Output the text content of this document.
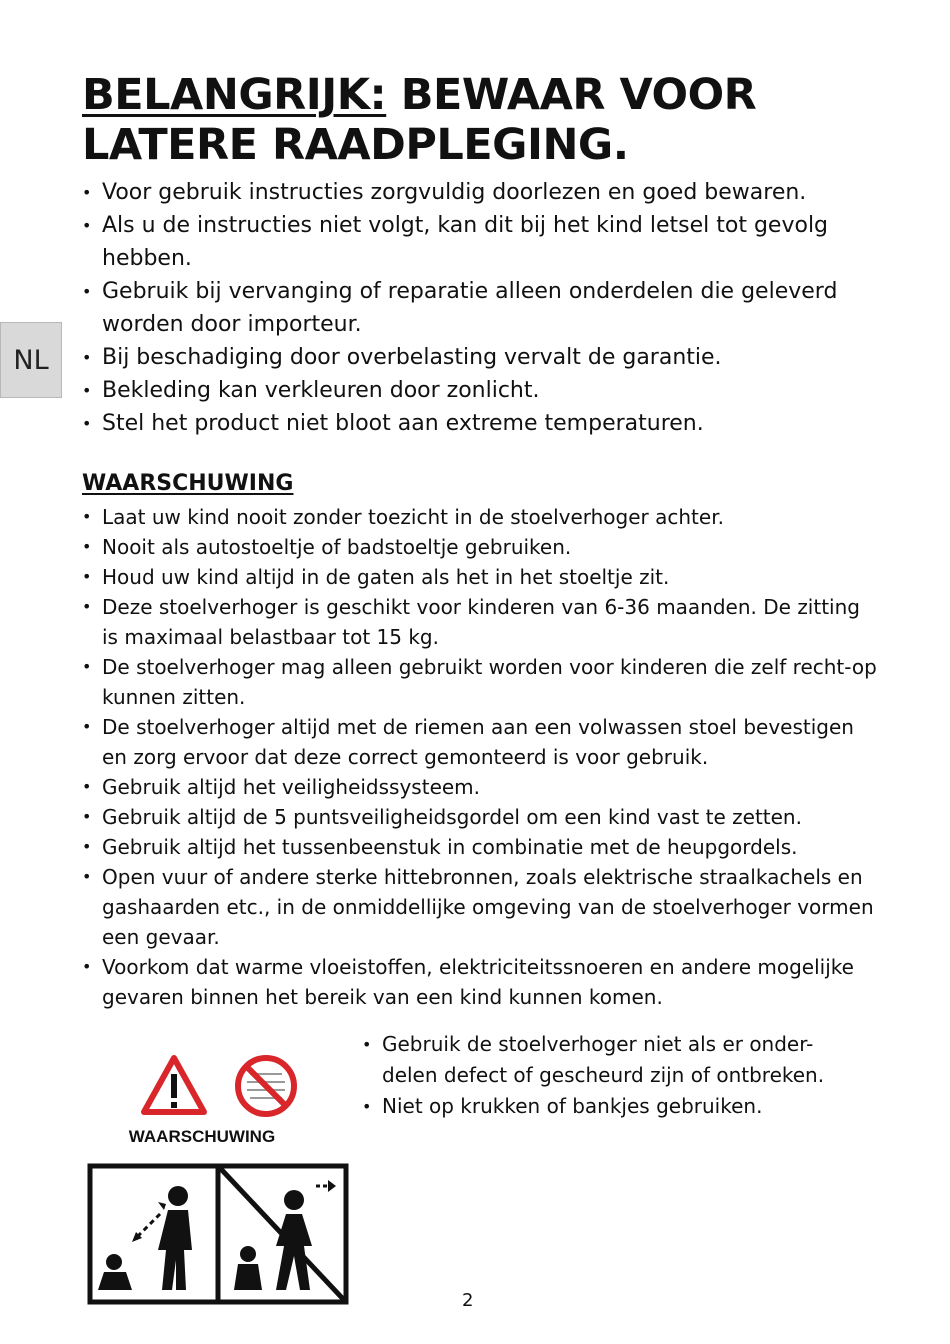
NL
BELANGRIJK: BEWAAR VOOR
LATERE RAADPLEGING.
• Voor gebruik instructies zorgvuldig doorlezen en goed bewaren.
• Als u de instructies niet volgt, kan dit bij het kind letsel tot gevolg hebben.
• Gebruik bij vervanging of reparatie alleen onderdelen die geleverd worden door importeur.
• Bij beschadiging door overbelasting vervalt de garantie.
• Bekleding kan verkleuren door zonlicht.
• Stel het product niet bloot aan extreme temperaturen.
WAARSCHUWING
• Laat uw kind nooit zonder toezicht in de stoelverhoger achter.
• Nooit als autostoeltje of badstoeltje gebruiken.
• Houd uw kind altijd in de gaten als het in het stoeltje zit.
• Deze stoelverhoger is geschikt voor kinderen van 6-36 maanden. De zitting is maximaal belastbaar tot 15 kg.
• De stoelverhoger mag alleen gebruikt worden voor kinderen die zelf recht-op kunnen zitten.
• De stoelverhoger altijd met de riemen aan een volwassen stoel bevestigen en zorg ervoor dat deze correct gemonteerd is voor gebruik.
• Gebruik altijd het veiligheidssysteem.
• Gebruik altijd de 5 puntsveiligheidsgordel om een kind vast te zetten.
• Gebruik altijd het tussenbeenstuk in combinatie met de heupgordels.
• Open vuur of andere sterke hittebronnen, zoals elektrische straalkachels en gashaarden etc., in de onmiddellijke omgeving van de stoelverhoger vormen een gevaar.
• Voorkom dat warme vloeistoffen, elektriciteitssnoeren en andere mogelijke gevaren binnen het bereik van een kind kunnen komen.
• Gebruik de stoelverhoger niet als er onder-delen defect of gescheurd zijn of ontbreken.
• Niet op krukken of bankjes gebruiken.
WAARSCHUWING
2
